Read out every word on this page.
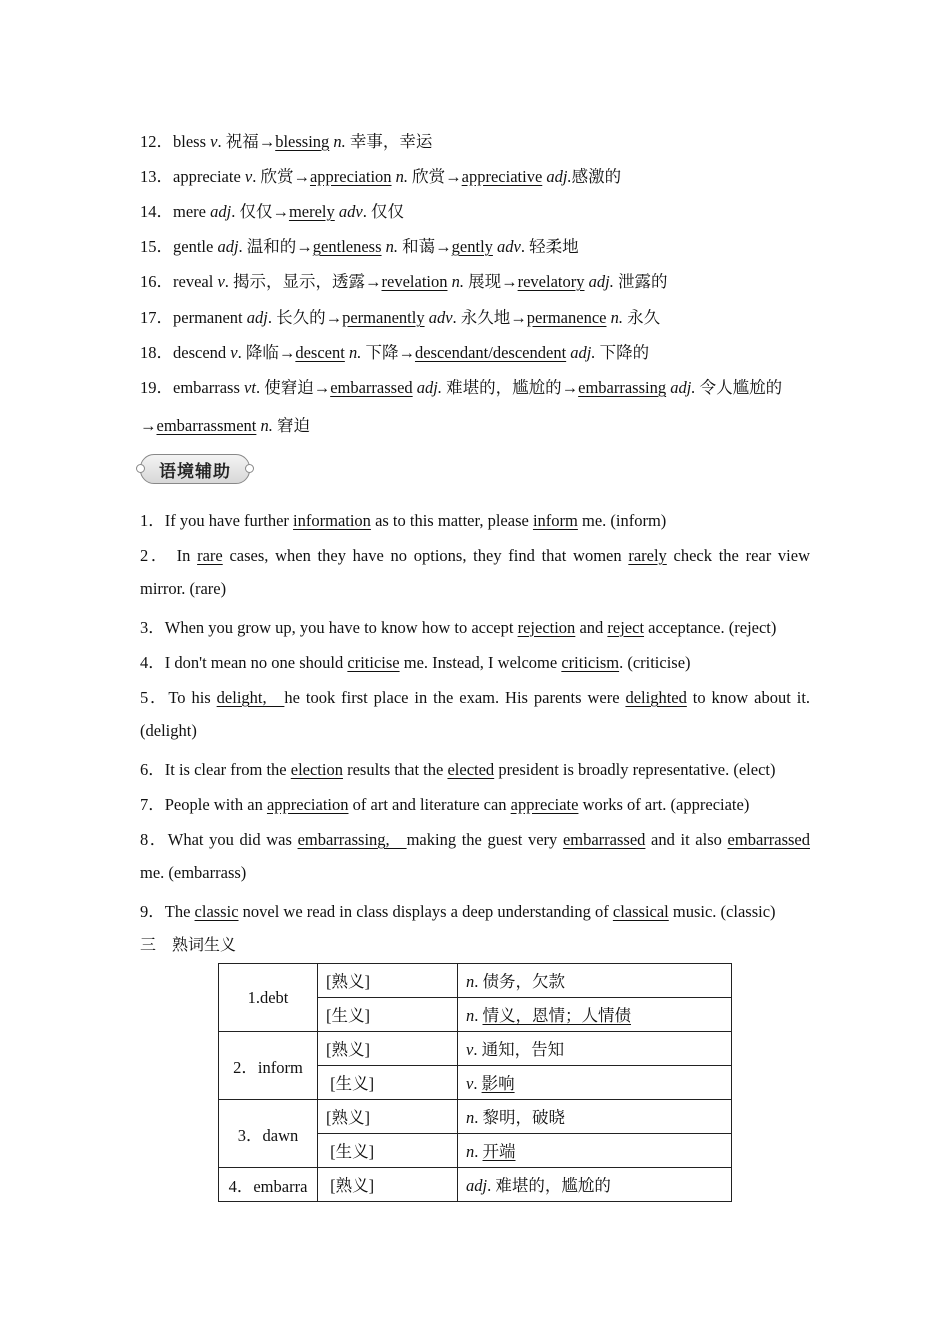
12．bless v. 祝福→blessing n. 幸事，幸运
13．appreciate v. 欣赏→appreciation n. 欣赏→appreciative adj.感激的
14．mere adj. 仅仅→merely adv. 仅仅
15．gentle adj. 温和的→gentleness n. 和蔼→gently adv. 轻柔地
16．reveal v. 揭示，显示，透露→revelation n. 展现→revelatory adj. 泄露的
17．permanent adj. 长久的→permanently adv. 永久地→permanence n. 永久
18．descend v. 降临→descent n. 下降→descendant/descendent adj. 下降的
19．embarrass vt. 使窘迫→embarrassed adj. 难堪的，尴尬的→embarrassing adj. 令人尴尬的
→embarrassment n. 窘迫
语境辅助
1．If you have further information as to this matter, please inform me. (inform)
2． In rare cases, when they have no options, they find that women rarely check the rear view
mirror. (rare)
3．When you grow up, you have to know how to accept rejection and reject acceptance. (reject)
4．I don't mean no one should criticise me. Instead, I welcome criticism. (criticise)
5．To his delight,   he took first place in the exam. His parents were delighted to know about it.
(delight)
6．It is clear from the election results that the elected president is broadly representative. (elect)
7．People with an appreciation of art and literature can appreciate works of art. (appreciate)
8．What you did was embarrassing,   making the guest very embarrassed and it also embarrassed
me. (embarrass)
9．The classic novel we read in class displays a deep understanding of classical music. (classic)
三　熟词生义
1.debt	[熟义]	n. 债务，欠款
	[生义]	n. 情义，恩情；人情债
2．inform	[熟义]	v. 通知，告知
	[生义]	v. 影响
3．dawn	[熟义]	n. 黎明，破晓
	[生义]	n. 开端
4．embarra	[熟义]	adj. 难堪的，尴尬的
